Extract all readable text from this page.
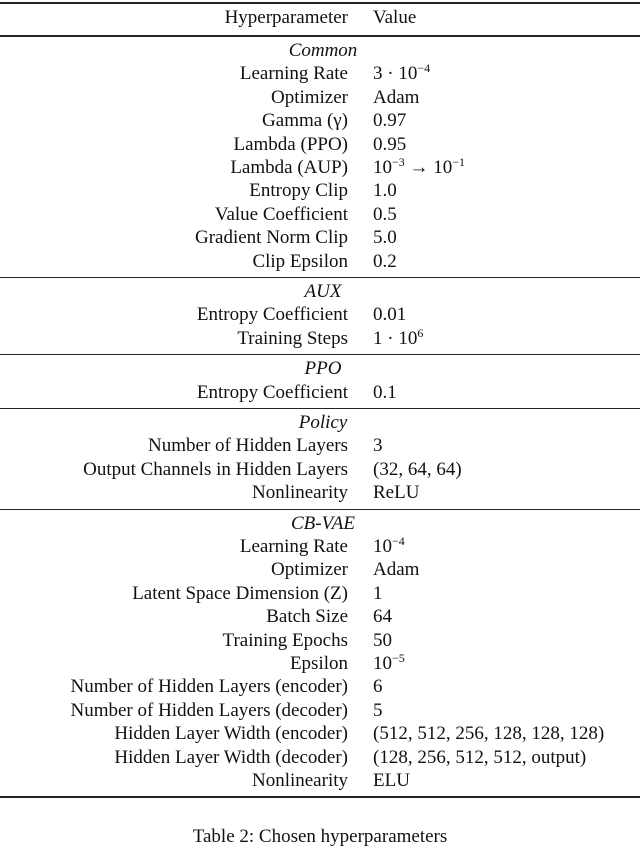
Hyperparameter Value
Common
Learning Rate $3 \cdot 10^{-4}$
Optimizer Adam
Gamma (γ) 0.97
Lambda (PPO) 0.95
Lambda (AUP) $10^{-3} \to 10^{-1}$
Entropy Clip 1.0
Value Coefficient 0.5
Gradient Norm Clip 5.0
Clip Epsilon 0.2
AUX
Entropy Coefficient 0.01
Training Steps $1 \cdot 10^6$
PPO
Entropy Coefficient 0.1
Policy
Number of Hidden Layers 3
Output Channels in Hidden Layers (32, 64, 64)
Nonlinearity ReLU
CB-VAE
Learning Rate $10^{-4}$
Optimizer Adam
Latent Space Dimension (Z) 1
Batch Size 64
Training Epochs 50
Epsilon $10^{-5}$
Number of Hidden Layers (encoder) 6
Number of Hidden Layers (decoder) 5
Hidden Layer Width (encoder) (512, 512, 256, 128, 128, 128)
Hidden Layer Width (decoder) (128, 256, 512, 512, output)
Nonlinearity ELU
Table 2: Chosen hyperparameters
